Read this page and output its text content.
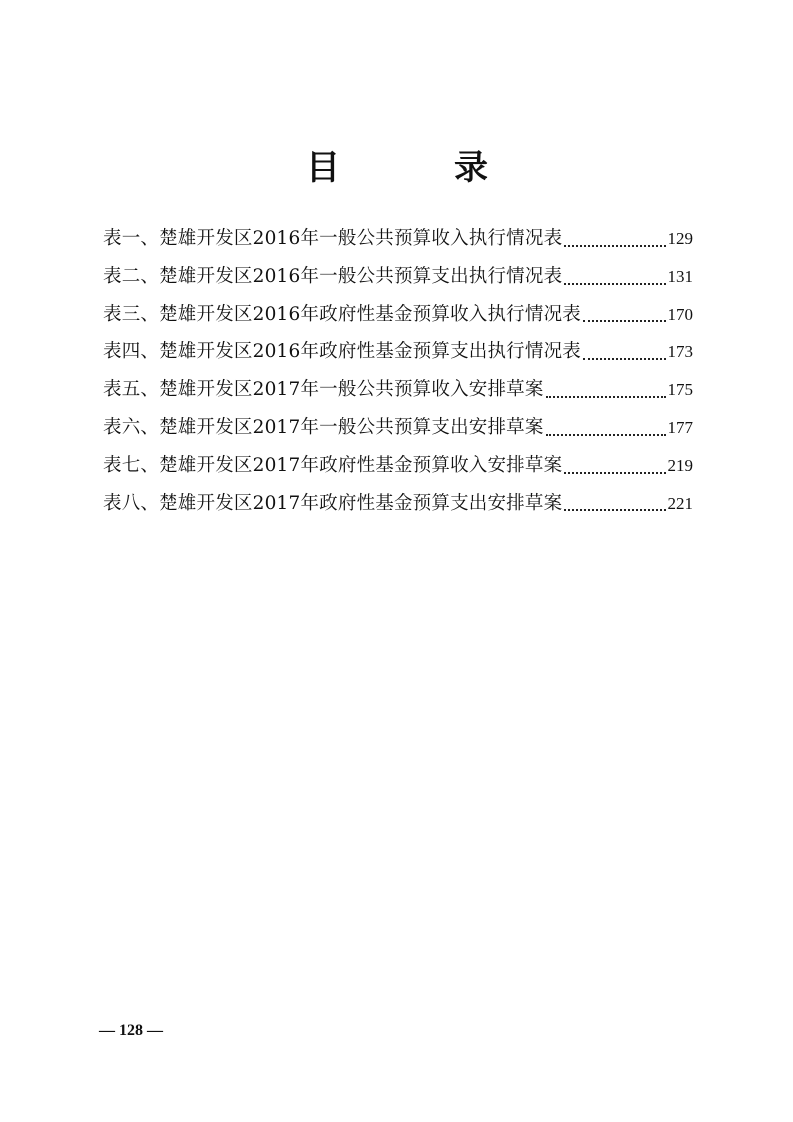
目	录
表一、楚雄开发区2016年一般公共预算收入执行情况表	129
表二、楚雄开发区2016年一般公共预算支出执行情况表	131
表三、楚雄开发区2016年政府性基金预算收入执行情况表	170
表四、楚雄开发区2016年政府性基金预算支出执行情况表	173
表五、楚雄开发区2017年一般公共预算收入安排草案	175
表六、楚雄开发区2017年一般公共预算支出安排草案	177
表七、楚雄开发区2017年政府性基金预算收入安排草案	219
表八、楚雄开发区2017年政府性基金预算支出安排草案	221
— 128 —
